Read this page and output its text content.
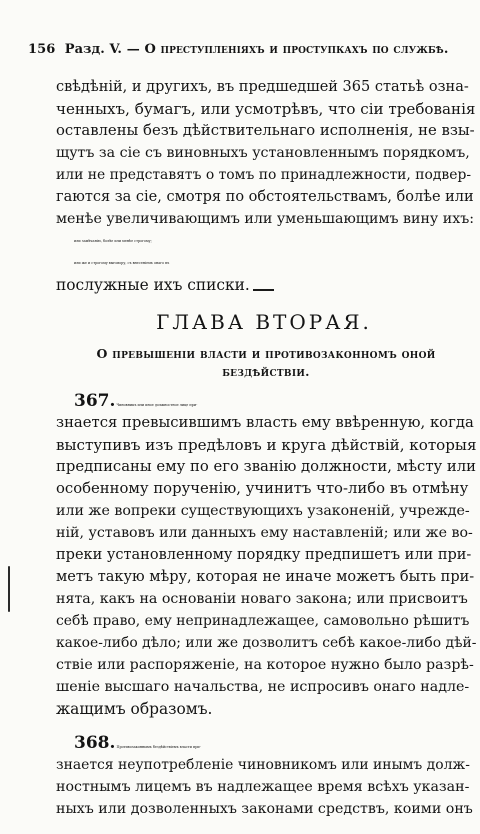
156 Разд. V. — О преступленіяхъ и проступкахъ по службѣ.
свѣдѣній, и другихъ, въ предшедшей 365 статьѣ озна-
ченныхъ, бумагъ, или усмотрѣвъ, что сіи требованія
оставлены безъ дѣйствительнаго исполненія, не взы-
щутъ за сіе съ виновныхъ установленнымъ порядкомъ,
или не представятъ о томъ по принадлежности, подвер-
гаются за сіе, смотря по обстоятельствамъ, болѣе или
менѣе увеличивающимъ или уменьшающимъ вину ихъ:
или замѣчанію, болѣе или менѣе строгому;
или же и строгому выговору, съ внесеніемъ онаго въ
послужные ихъ списки.
ГЛАВА ВТОРАЯ.
О превышеніи власти и противозаконномъ оной
бездѣйствіи.
367. Чиновникъ или иное должностное лице при-
знается превысившимъ власть ему ввѣренную, когда
выступивъ изъ предѣловъ и круга дѣйствій, которыя
предписаны ему по его званію должности, мѣсту или
особенному порученію, учинитъ что-либо въ отмѣну
или же вопреки существующихъ узаконеній, учрежде-
ній, уставовъ или данныхъ ему наставленій; или же во-
преки установленному порядку предпишетъ или при-
метъ такую мѣру, которая не иначе можетъ быть при-
нята, какъ на основаніи новаго закона; или присвоитъ
себѣ право, ему непринадлежащее, самовольно рѣшитъ
какое-либо дѣло; или же дозволитъ себѣ какое-либо дѣй-
ствіе или распоряженіе, на которое нужно было разрѣ-
шеніе высшаго начальства, не испросивъ онаго надле-
жащимъ образомъ.
368. Противозаконнымъ бездѣйствіемъ власти при-
знается неупотребленіе чиновникомъ или инымъ долж-
ностнымъ лицемъ въ надлежащее время всѣхъ указан-
ныхъ или дозволенныхъ законами средствъ, коими онъ
